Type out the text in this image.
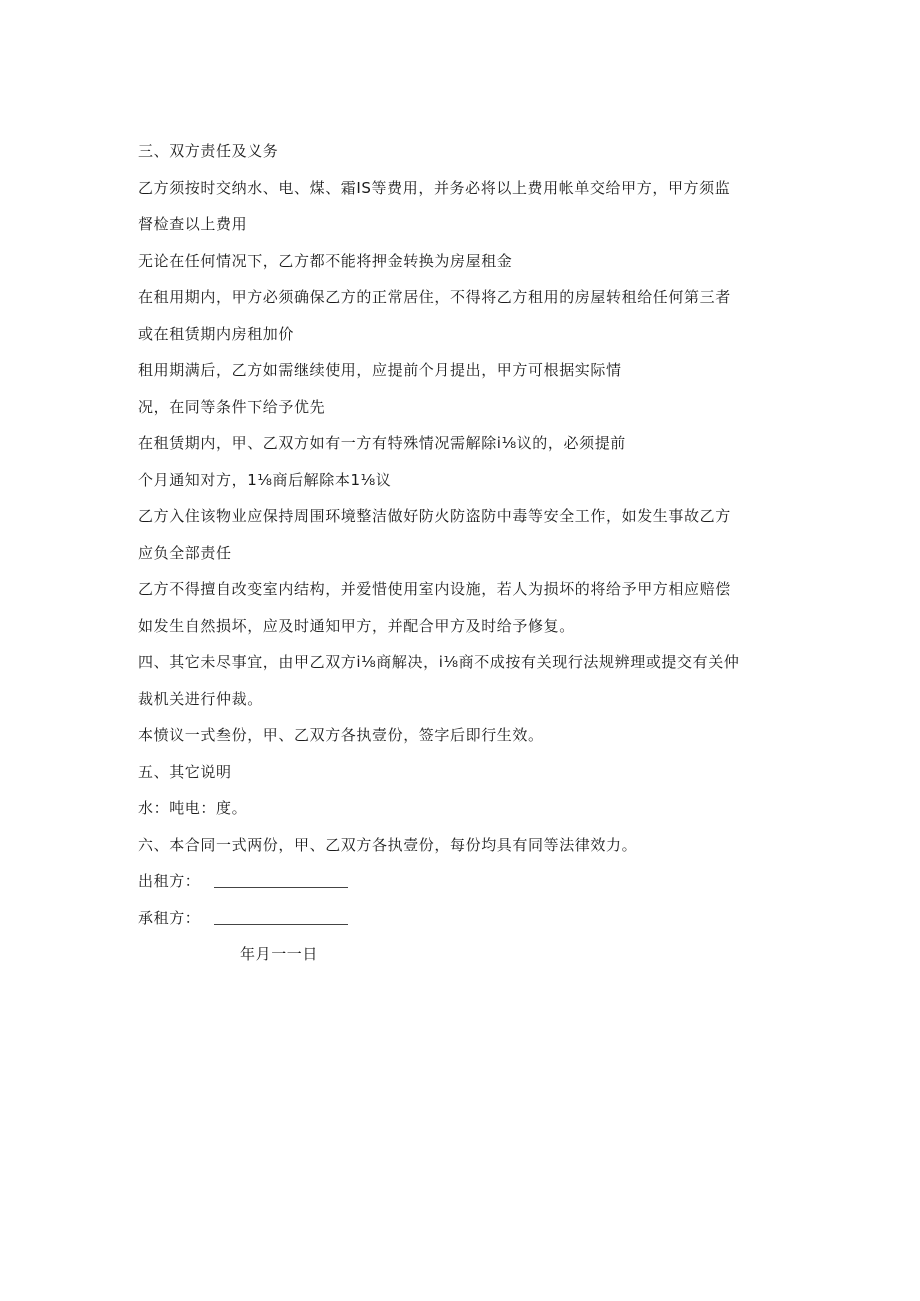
三、双方责任及义务
乙方须按时交纳水、电、煤、霜IS等费用，并务必将以上费用帐单交给甲方，甲方须监
督检查以上费用
无论在任何情况下，乙方都不能将押金转换为房屋租金
在租用期内，甲方必须确保乙方的正常居住，不得将乙方租用的房屋转租给任何第三者
或在租赁期内房租加价
租用期满后，乙方如需继续使用，应提前个月提出，甲方可根据实际情
况，在同等条件下给予优先
在租赁期内，甲、乙双方如有一方有特殊情况需解除i⅛议的，必须提前
个月通知对方，1⅛商后解除本1⅛议
乙方入住该物业应保持周围环境整洁做好防火防盗防中毒等安全工作，如发生事故乙方
应负全部责任
乙方不得擅自改变室内结构，并爱惜使用室内设施，若人为损坏的将给予甲方相应赔偿
如发生自然损坏，应及时通知甲方，并配合甲方及时给予修复。
四、其它未尽事宜，由甲乙双方i⅛商解决，i⅛商不成按有关现行法规辨理或提交有关仲
裁机关进行仲裁。
本愤议一式叁份，甲、乙双方各执壹份，签字后即行生效。
五、其它说明
水：吨电：度。
六、本合同一式两份，甲、乙双方各执壹份，每份均具有同等法律效力。
出租方：
承租方：
年月一一日
